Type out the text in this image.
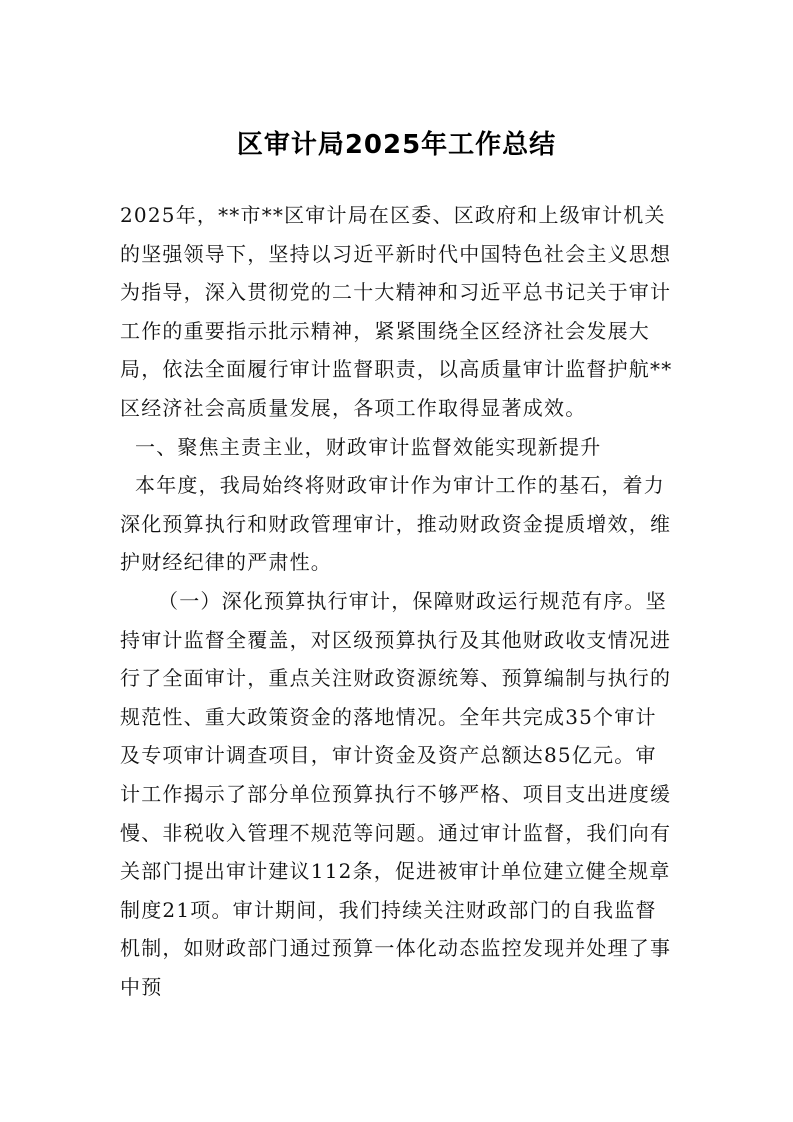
区审计局2025年工作总结

2025年，**市**区审计局在区委、区政府和上级审计机关的坚强领导下，坚持以习近平新时代中国特色社会主义思想为指导，深入贯彻党的二十大精神和习近平总书记关于审计工作的重要指示批示精神，紧紧围绕全区经济社会发展大局，依法全面履行审计监督职责，以高质量审计监督护航**区经济社会高质量发展，各项工作取得显著成效。

一、聚焦主责主业，财政审计监督效能实现新提升

本年度，我局始终将财政审计作为审计工作的基石，着力深化预算执行和财政管理审计，推动财政资金提质增效，维护财经纪律的严肃性。

（一）深化预算执行审计，保障财政运行规范有序。坚持审计监督全覆盖，对区级预算执行及其他财政收支情况进行了全面审计，重点关注财政资源统筹、预算编制与执行的规范性、重大政策资金的落地情况。全年共完成35个审计及专项审计调查项目，审计资金及资产总额达85亿元。审计工作揭示了部分单位预算执行不够严格、项目支出进度缓慢、非税收入管理不规范等问题。通过审计监督，我们向有关部门提出审计建议112条，促进被审计单位建立健全规章制度21项。审计期间，我们持续关注财政部门的自我监督机制，如财政部门通过预算一体化动态监控发现并处理了事中预
